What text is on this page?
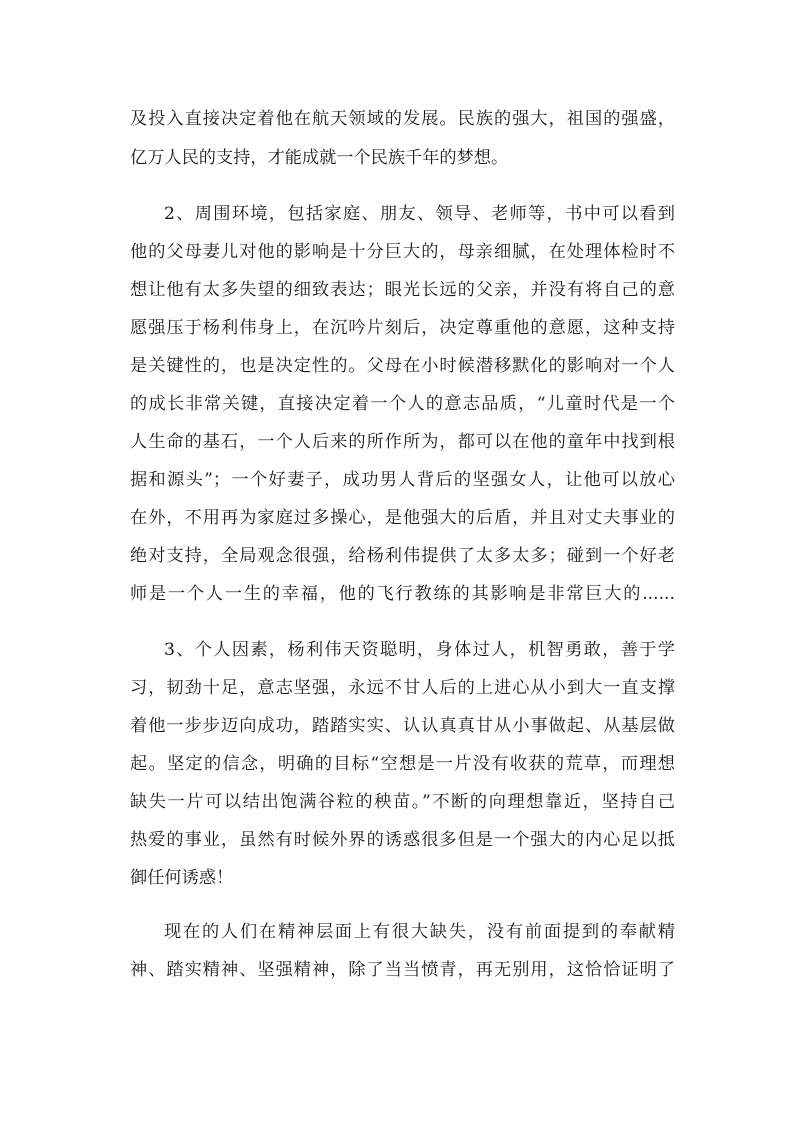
及投入直接决定着他在航天领域的发展。民族的强大，祖国的强盛，
亿万人民的支持，才能成就一个民族千年的梦想。
2、周围环境，包括家庭、朋友、领导、老师等，书中可以看到
他的父母妻儿对他的影响是十分巨大的，母亲细腻，在处理体检时不
想让他有太多失望的细致表达；眼光长远的父亲，并没有将自己的意
愿强压于杨利伟身上，在沉吟片刻后，决定尊重他的意愿，这种支持
是关键性的，也是决定性的。父母在小时候潜移默化的影响对一个人
的成长非常关键，直接决定着一个人的意志品质，“儿童时代是一个
人生命的基石，一个人后来的所作所为，都可以在他的童年中找到根
据和源头”；一个好妻子，成功男人背后的坚强女人，让他可以放心
在外，不用再为家庭过多操心，是他强大的后盾，并且对丈夫事业的
绝对支持，全局观念很强，给杨利伟提供了太多太多；碰到一个好老
师是一个人一生的幸福，他的飞行教练的其影响是非常巨大的......
3、个人因素，杨利伟天资聪明，身体过人，机智勇敢，善于学
习，韧劲十足，意志坚强，永远不甘人后的上进心从小到大一直支撑
着他一步步迈向成功，踏踏实实、认认真真甘从小事做起、从基层做
起。坚定的信念，明确的目标“空想是一片没有收获的荒草，而理想
缺失一片可以结出饱满谷粒的秧苗。”不断的向理想靠近，坚持自己
热爱的事业，虽然有时候外界的诱惑很多但是一个强大的内心足以抵
御任何诱惑！
现在的人们在精神层面上有很大缺失，没有前面提到的奉献精
神、踏实精神、坚强精神，除了当当愤青，再无别用，这恰恰证明了
